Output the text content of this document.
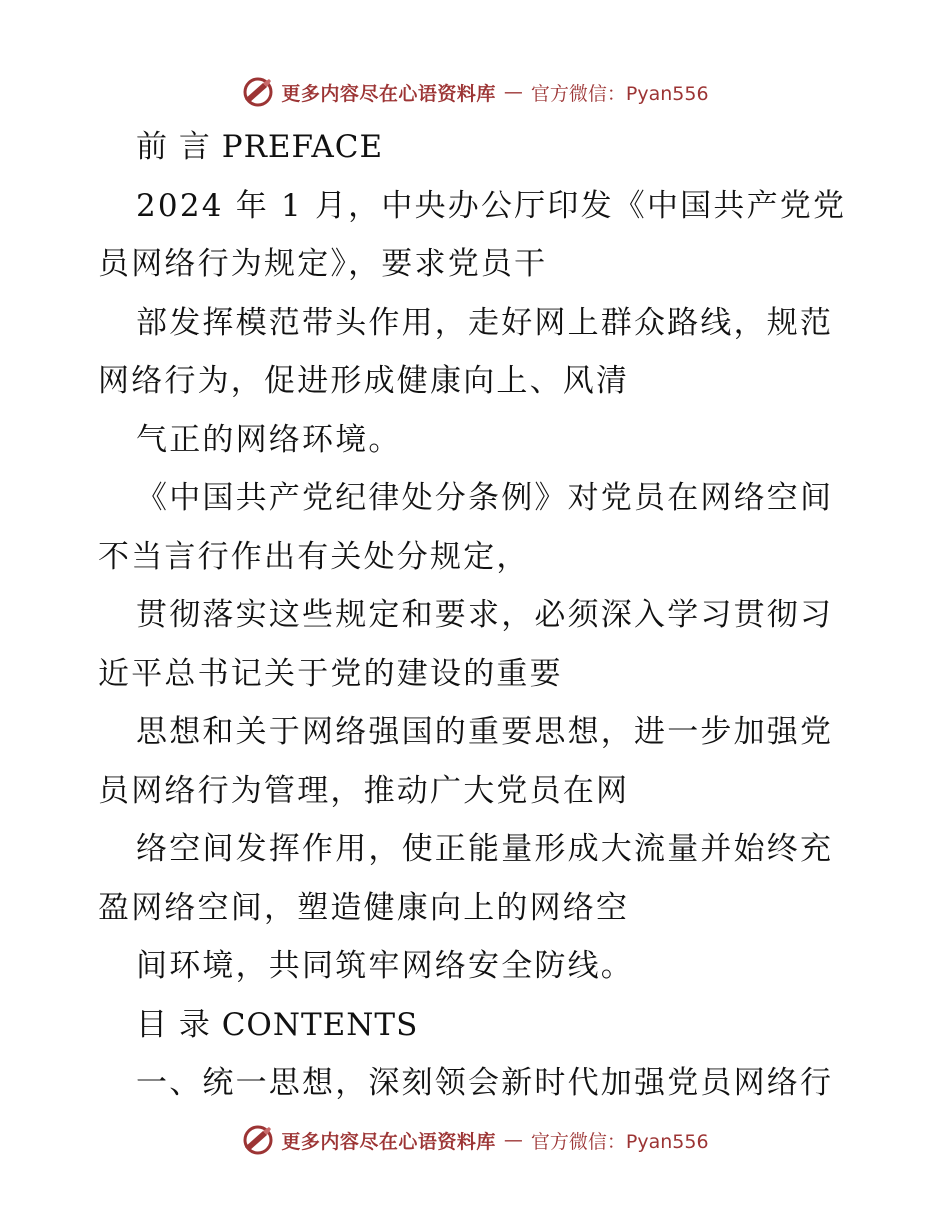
更多内容尽在心语资料库 — 官方微信：Pyan556
前 言 PREFACE
2024 年 1 月，中央办公厅印发《中国共产党党
员网络行为规定》，要求党员干
部发挥模范带头作用，走好网上群众路线，规范
网络行为，促进形成健康向上、风清
气正的网络环境。
《中国共产党纪律处分条例》对党员在网络空间
不当言行作出有关处分规定，
贯彻落实这些规定和要求，必须深入学习贯彻习
近平总书记关于党的建设的重要
思想和关于网络强国的重要思想，进一步加强党
员网络行为管理，推动广大党员在网
络空间发挥作用，使正能量形成大流量并始终充
盈网络空间，塑造健康向上的网络空
间环境，共同筑牢网络安全防线。
目 录 CONTENTS
一、统一思想，深刻领会新时代加强党员网络行
更多内容尽在心语资料库 — 官方微信：Pyan556
